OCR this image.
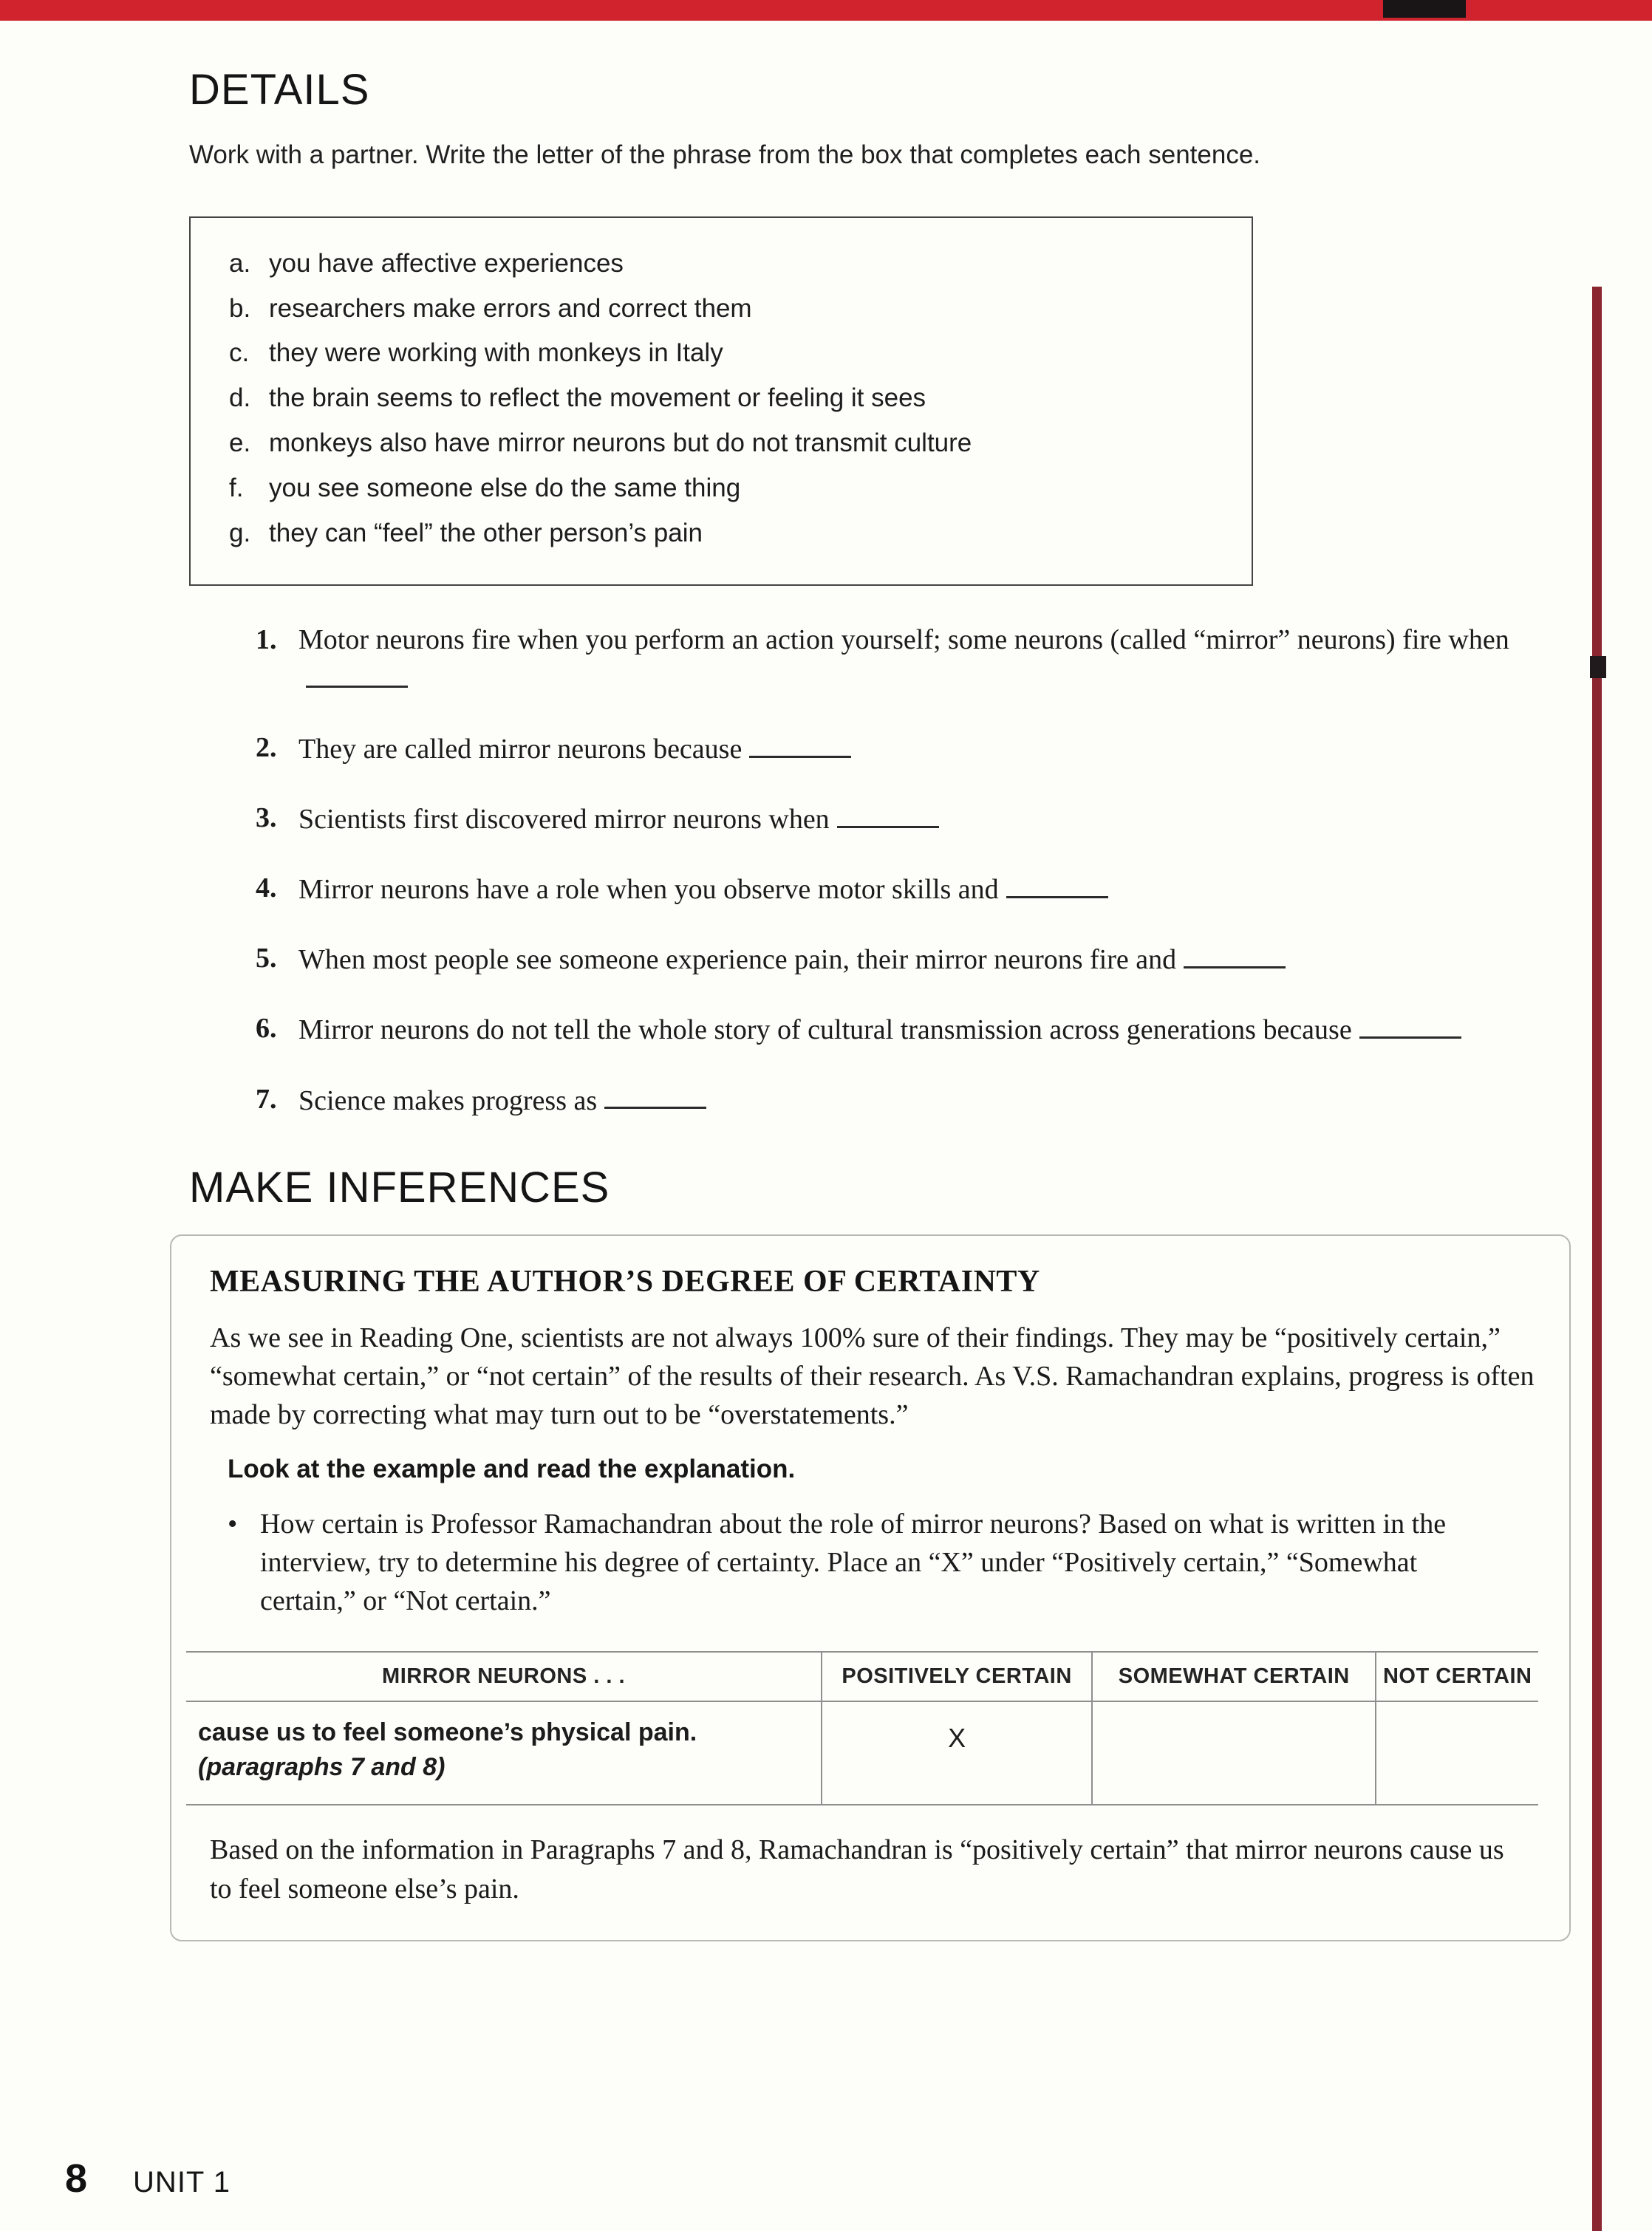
DETAILS

Work with a partner. Write the letter of the phrase from the box that completes each sentence.

a. you have affective experiences
b. researchers make errors and correct them
c. they were working with monkeys in Italy
d. the brain seems to reflect the movement or feeling it sees
e. monkeys also have mirror neurons but do not transmit culture
f. you see someone else do the same thing
g. they can “feel” the other person’s pain
1. Motor neurons fire when you perform an action yourself; some neurons (called “mirror” neurons) fire when
2. They are called mirror neurons because
3. Scientists first discovered mirror neurons when
4. Mirror neurons have a role when you observe motor skills and
5. When most people see someone experience pain, their mirror neurons fire and
6. Mirror neurons do not tell the whole story of cultural transmission across generations because
7. Science makes progress as
MAKE INFERENCES
MEASURING THE AUTHOR’S DEGREE OF CERTAINTY

As we see in Reading One, scientists are not always 100% sure of their findings. They may be “positively certain,” “somewhat certain,” or “not certain” of the results of their research. As V.S. Ramachandran explains, progress is often made by correcting what may turn out to be “overstatements.”

Look at the example and read the explanation.

• How certain is Professor Ramachandran about the role of mirror neurons? Based on what is written in the interview, try to determine his degree of certainty. Place an “X” under “Positively certain,” “Somewhat certain,” or “Not certain.”
MIRROR NEURONS . . .	POSITIVELY CERTAIN	SOMEWHAT CERTAIN	NOT CERTAIN

cause us to feel someone’s physical pain.
(paragraphs 7 and 8)	X		

Based on the information in Paragraphs 7 and 8, Ramachandran is “positively certain” that mirror neurons cause us to feel someone else’s pain.

8 UNIT 1
